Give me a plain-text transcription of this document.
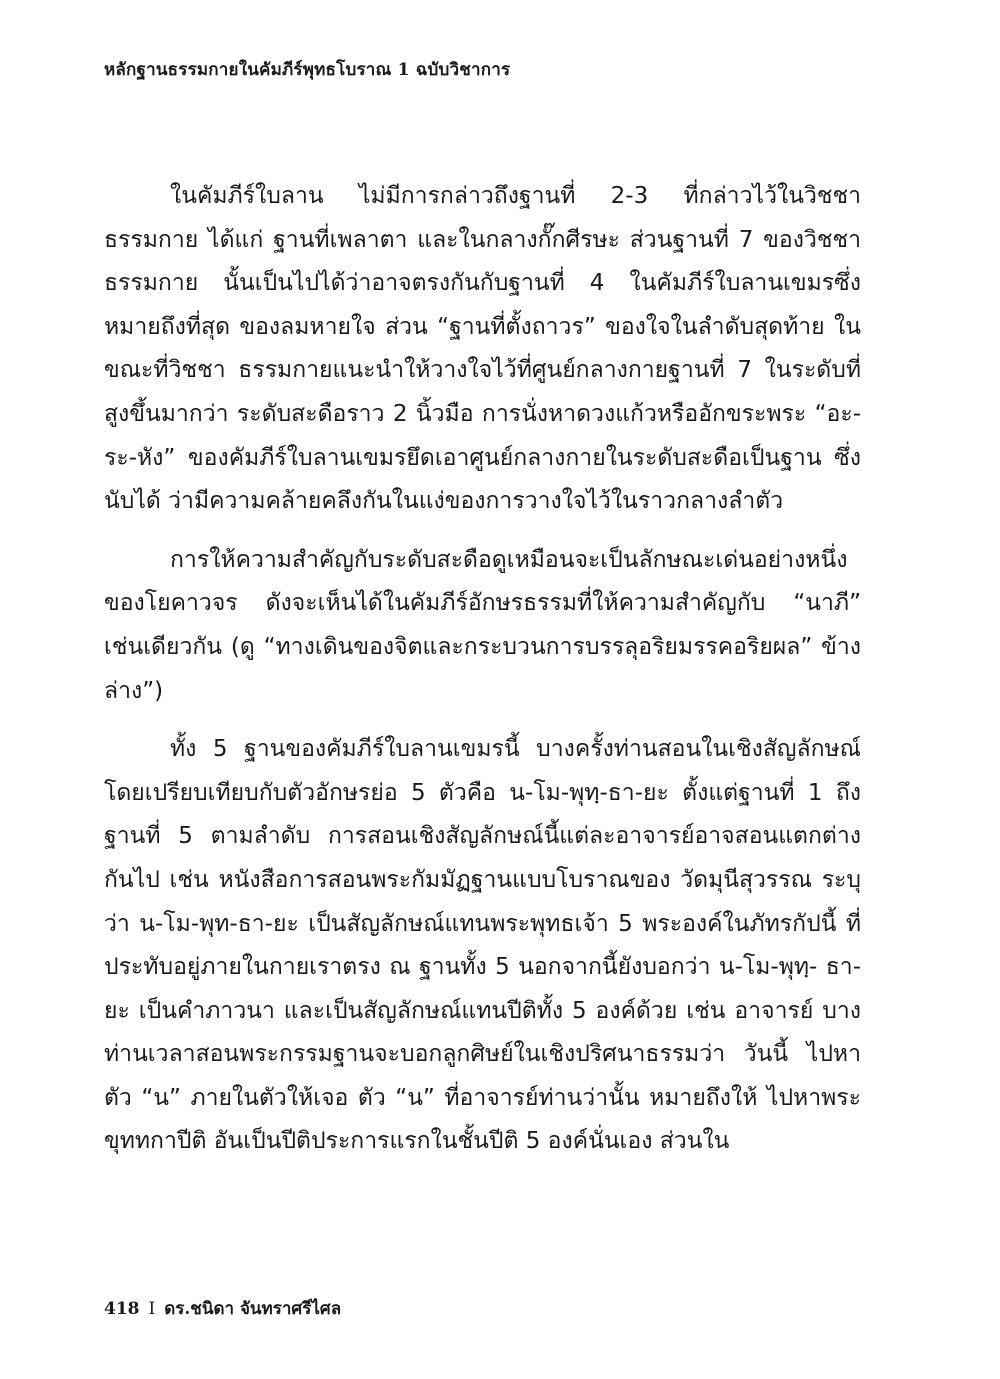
หลักฐานธรรมกายในคัมภีร์พุทธโบราณ 1 ฉบับวิชาการ

ในคัมภีร์ใบลาน ไม่มีการกล่าวถึงฐานที่ 2-3 ที่กล่าวไว้ในวิชชาธรรมกาย ได้แก่ ฐานที่เพลาตา และในกลางกั๊กศีรษะ ส่วนฐานที่ 7 ของวิชชาธรรมกาย นั้นเป็นไปได้ว่าอาจตรงกันกับฐานที่ 4 ในคัมภีร์ใบลานเขมรซึ่งหมายถึงที่สุด ของลมหายใจ ส่วน “ฐานที่ตั้งถาวร” ของใจในลำดับสุดท้าย ในขณะที่วิชชา ธรรมกายแนะนำให้วางใจไว้ที่ศูนย์กลางกายฐานที่ 7 ในระดับที่สูงขึ้นมากว่า ระดับสะดือราว 2 นิ้วมือ การนั่งหาดวงแก้วหรืออักขระพระ “อะ-ระ-หัง” ของคัมภีร์ใบลานเขมรยึดเอาศูนย์กลางกายในระดับสะดือเป็นฐาน ซึ่งนับได้ ว่ามีความคล้ายคลึงกันในแง่ของการวางใจไว้ในราวกลางลำตัว

การให้ความสำคัญกับระดับสะดือดูเหมือนจะเป็นลักษณะเด่นอย่างหนึ่ง ของโยคาวจร ดังจะเห็นได้ในคัมภีร์อักษรธรรมที่ให้ความสำคัญกับ “นาภี” เช่นเดียวกัน (ดู “ทางเดินของจิตและกระบวนการบรรลุอริยมรรคอริยผล” ข้างล่าง”)

ทั้ง 5 ฐานของคัมภีร์ใบลานเขมรนี้ บางครั้งท่านสอนในเชิงสัญลักษณ์ โดยเปรียบเทียบกับตัวอักษรย่อ 5 ตัวคือ น-โม-พุทฺ-ธา-ยะ ตั้งแต่ฐานที่ 1 ถึง ฐานที่ 5 ตามลำดับ การสอนเชิงสัญลักษณ์นี้แต่ละอาจารย์อาจสอนแตกต่าง กันไป เช่น หนังสือการสอนพระกัมมัฏฐานแบบโบราณของ วัดมุนีสุวรรณ ระบุ ว่า น-โม-พุท-ธา-ยะ เป็นสัญลักษณ์แทนพระพุทธเจ้า 5 พระองค์ในภัทรกัปนี้ ที่ประทับอยู่ภายในกายเราตรง ณ ฐานทั้ง 5 นอกจากนี้ยังบอกว่า น-โม-พุทฺ- ธา-ยะ เป็นคำภาวนา และเป็นสัญลักษณ์แทนปีติทั้ง 5 องค์ด้วย เช่น อาจารย์ บางท่านเวลาสอนพระกรรมฐานจะบอกลูกศิษย์ในเชิงปริศนาธรรมว่า วันนี้ ไปหาตัว “น” ภายในตัวให้เจอ ตัว “น” ที่อาจารย์ท่านว่านั้น หมายถึงให้ ไปหาพระขุททกาปีติ อันเป็นปีติประการแรกในชั้นปีติ 5 องค์นั่นเอง ส่วนใน

418 I ดร.ชนิดา จันทราศรีไศล
